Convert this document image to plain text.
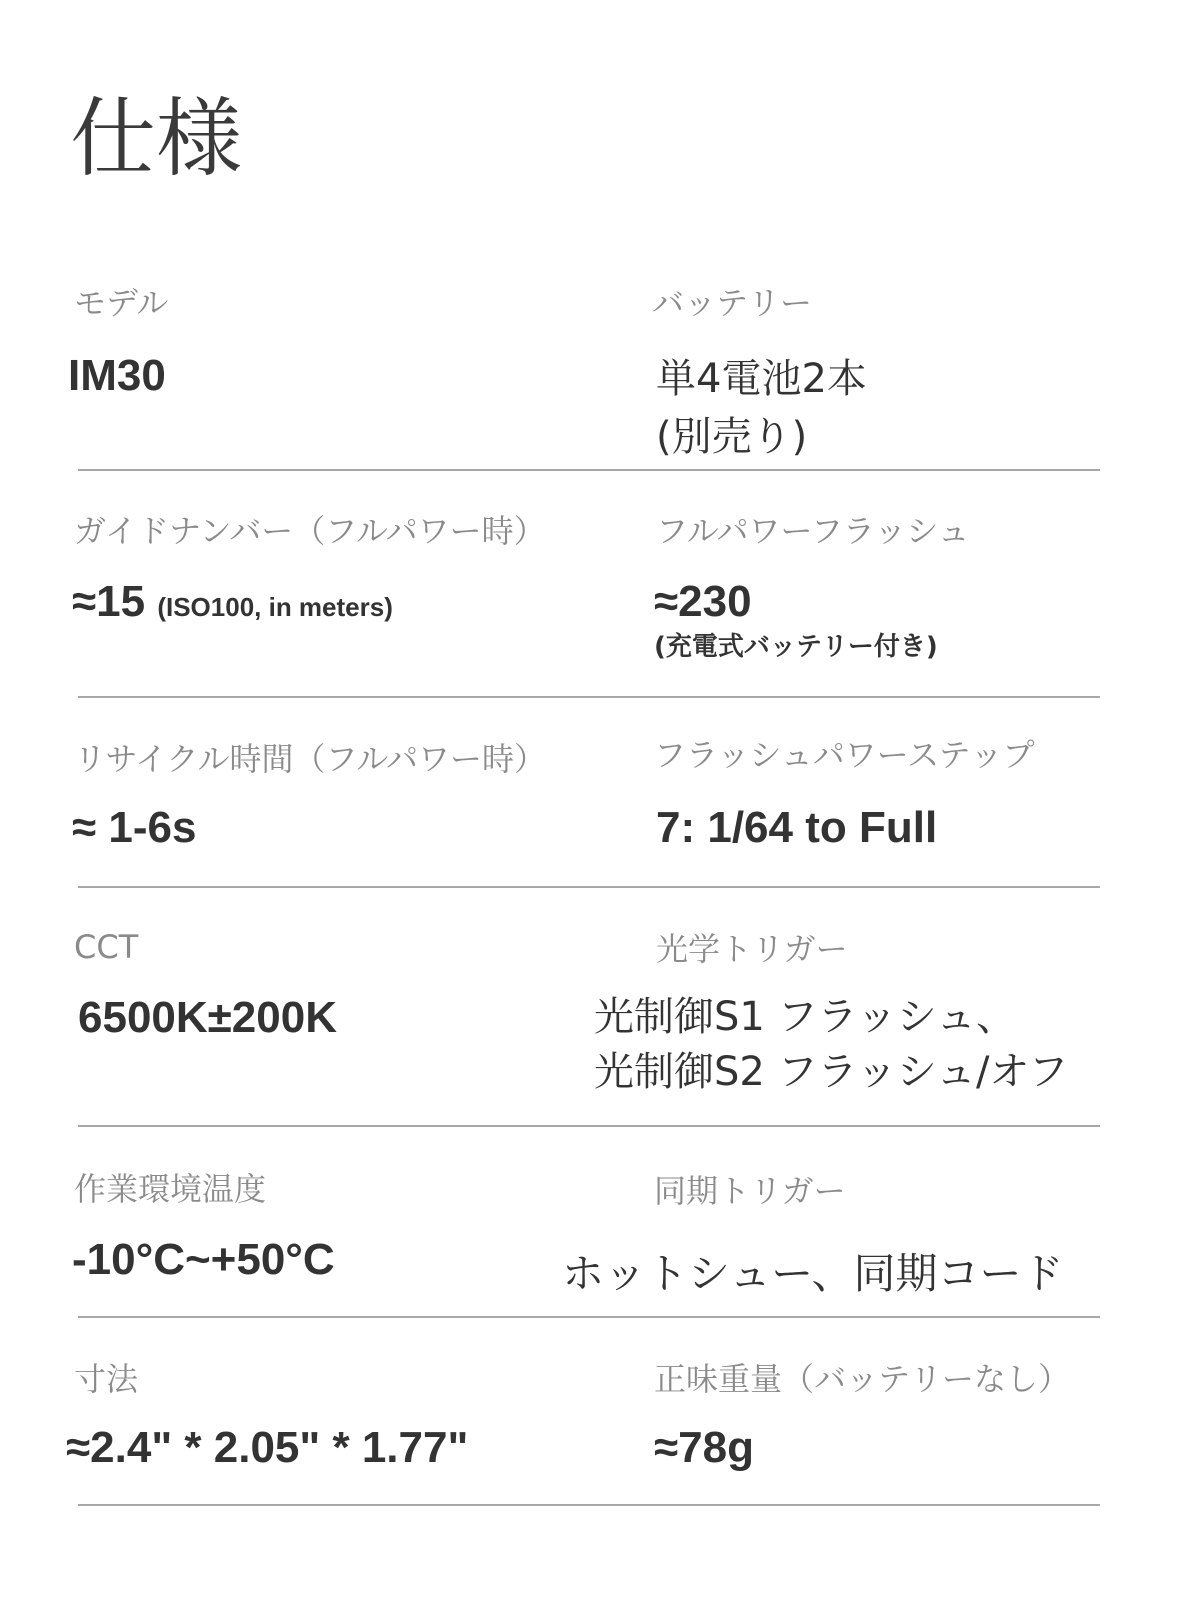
仕様
モデル
IM30
バッテリー
単4電池2本
(別売り)
ガイドナンバー（フルパワー時）
≈15 (ISO100, in meters)
フルパワーフラッシュ
≈230
(充電式バッテリー付き)
リサイクル時間（フルパワー時）
≈ 1-6s
フラッシュパワーステップ
7: 1/64 to Full
CCT
6500K±200K
光学トリガー
光制御S1 フラッシュ、
光制御S2 フラッシュ/オフ
作業環境温度
-10°C~+50°C
同期トリガー
ホットシュー、同期コード
寸法
≈2.4" * 2.05" * 1.77"
正味重量（バッテリーなし）
≈78g
